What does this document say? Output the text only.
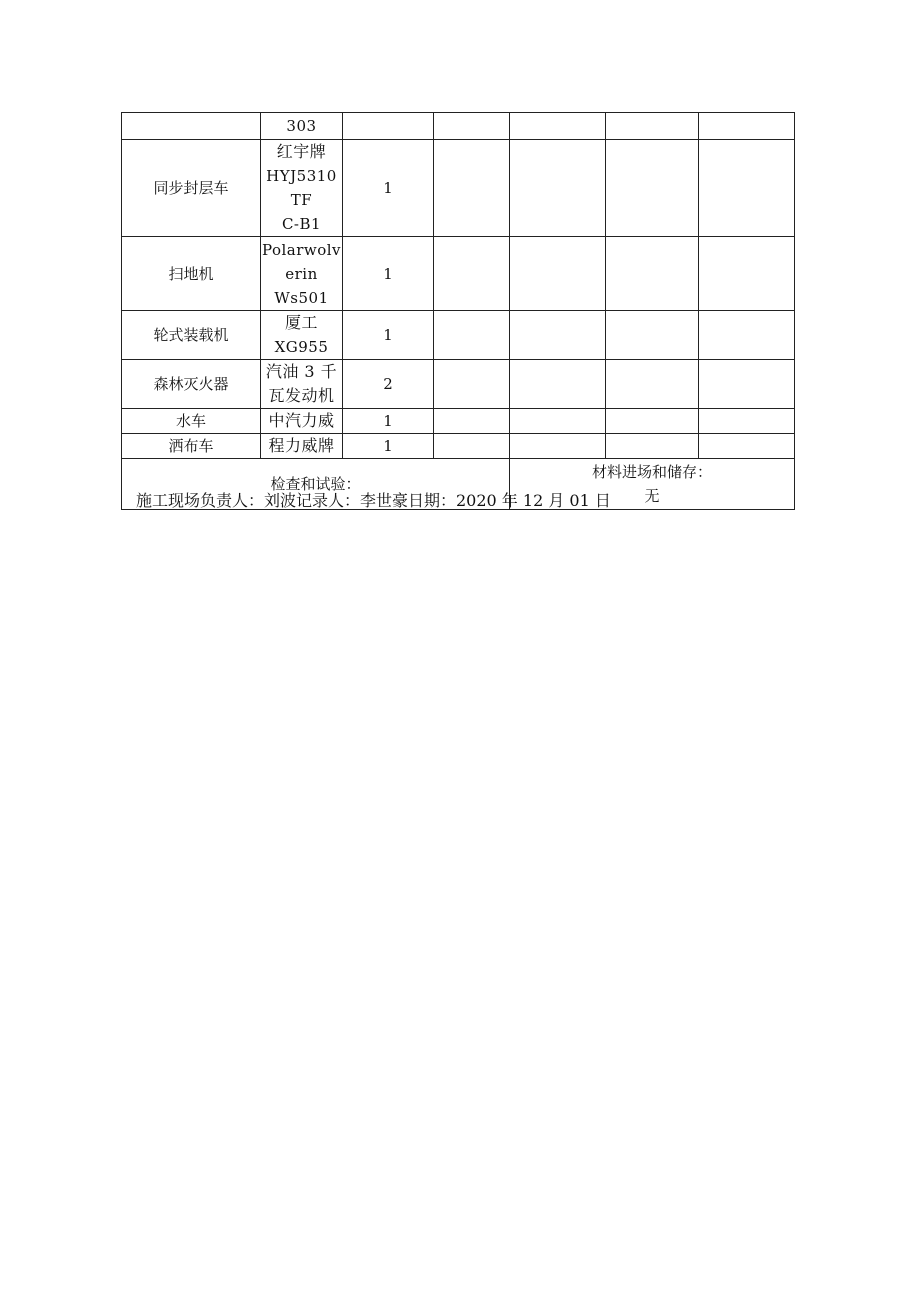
	303					

同步封层车	红宇牌
HYJ5310TF
C-B1	1				
扫地机	Polarwolv
erin
Ws501	1				
轮式装载机	厦工
XG955	1				
森林灭火器	汽油 3 千
瓦发动机	2				
水车	中汽力威	1				
洒布车	程力威牌	1				
检查和试验：				材料进场和储存：
无		
施工现场负责人：刘波记录人：李世豪日期：2020 年 12 月 01 日
